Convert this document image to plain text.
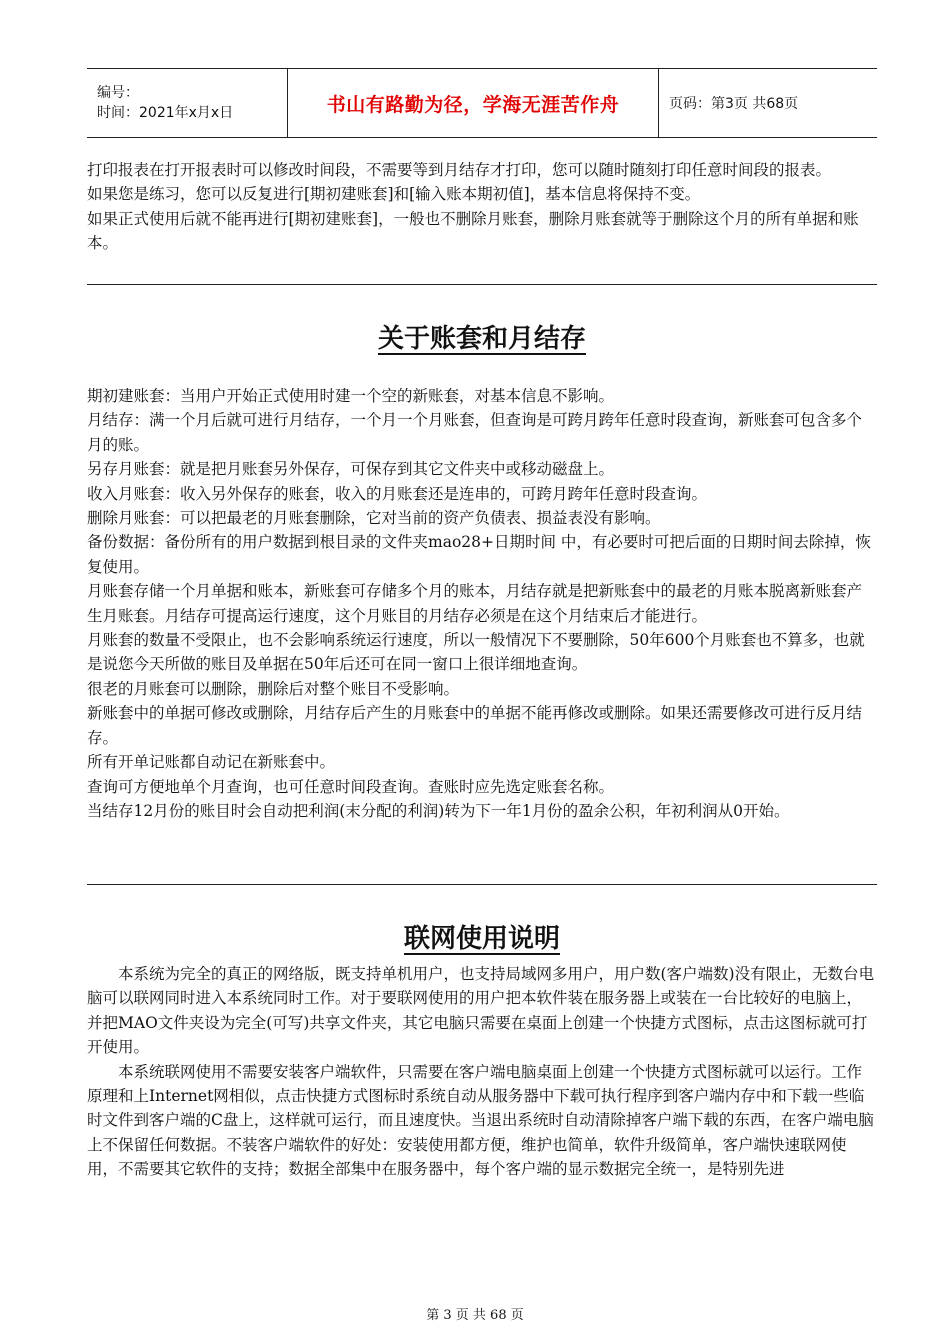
编号：
时间：2021年x月x日	书山有路勤为径，学海无涯苦作舟	页码：第3页 共68页

打印报表在打开报表时可以修改时间段，不需要等到月结存才打印，您可以随时随刻打印任意时间段的报表。

如果您是练习，您可以反复进行[期初建账套]和[输入账本期初值]，基本信息将保持不变。

如果正式使用后就不能再进行[期初建账套]，一般也不删除月账套，删除月账套就等于删除这个月的所有单据和账本。

关于账套和月结存

期初建账套：当用户开始正式使用时建一个空的新账套，对基本信息不影响。

月结存：满一个月后就可进行月结存，一个月一个月账套，但查询是可跨月跨年任意时段查询，新账套可包含多个月的账。

另存月账套：就是把月账套另外保存，可保存到其它文件夹中或移动磁盘上。

收入月账套：收入另外保存的账套，收入的月账套还是连串的，可跨月跨年任意时段查询。

删除月账套：可以把最老的月账套删除，它对当前的资产负债表、损益表没有影响。

备份数据：备份所有的用户数据到根目录的文件夹mao28+日期时间 中，有必要时可把后面的日期时间去除掉，恢复使用。

月账套存储一个月单据和账本，新账套可存储多个月的账本，月结存就是把新账套中的最老的月账本脱离新账套产生月账套。月结存可提高运行速度，这个月账目的月结存必须是在这个月结束后才能进行。

月账套的数量不受限止，也不会影响系统运行速度，所以一般情况下不要删除，50年600个月账套也不算多，也就是说您今天所做的账目及单据在50年后还可在同一窗口上很详细地查询。

很老的月账套可以删除，删除后对整个账目不受影响。

新账套中的单据可修改或删除，月结存后产生的月账套中的单据不能再修改或删除。如果还需要修改可进行反月结存。

所有开单记账都自动记在新账套中。

查询可方便地单个月查询，也可任意时间段查询。查账时应先选定账套名称。

当结存12月份的账目时会自动把利润(末分配的利润)转为下一年1月份的盈余公积，年初利润从0开始。

联网使用说明

本系统为完全的真正的网络版，既支持单机用户，也支持局域网多用户，用户数(客户端数)没有限止，无数台电脑可以联网同时进入本系统同时工作。对于要联网使用的用户把本软件装在服务器上或装在一台比较好的电脑上，并把MAO文件夹设为完全(可写)共享文件夹，其它电脑只需要在桌面上创建一个快捷方式图标，点击这图标就可打开使用。

本系统联网使用不需要安装客户端软件，只需要在客户端电脑桌面上创建一个快捷方式图标就可以运行。工作原理和上Internet网相似，点击快捷方式图标时系统自动从服务器中下载可执行程序到客户端内存中和下载一些临时文件到客户端的C盘上，这样就可运行，而且速度快。当退出系统时自动清除掉客户端下载的东西，在客户端电脑上不保留任何数据。不装客户端软件的好处：安装使用都方便，维护也简单，软件升级简单，客户端快速联网使用，不需要其它软件的支持；数据全部集中在服务器中，每个客户端的显示数据完全统一，是特别先进

第 3 页 共 68 页
